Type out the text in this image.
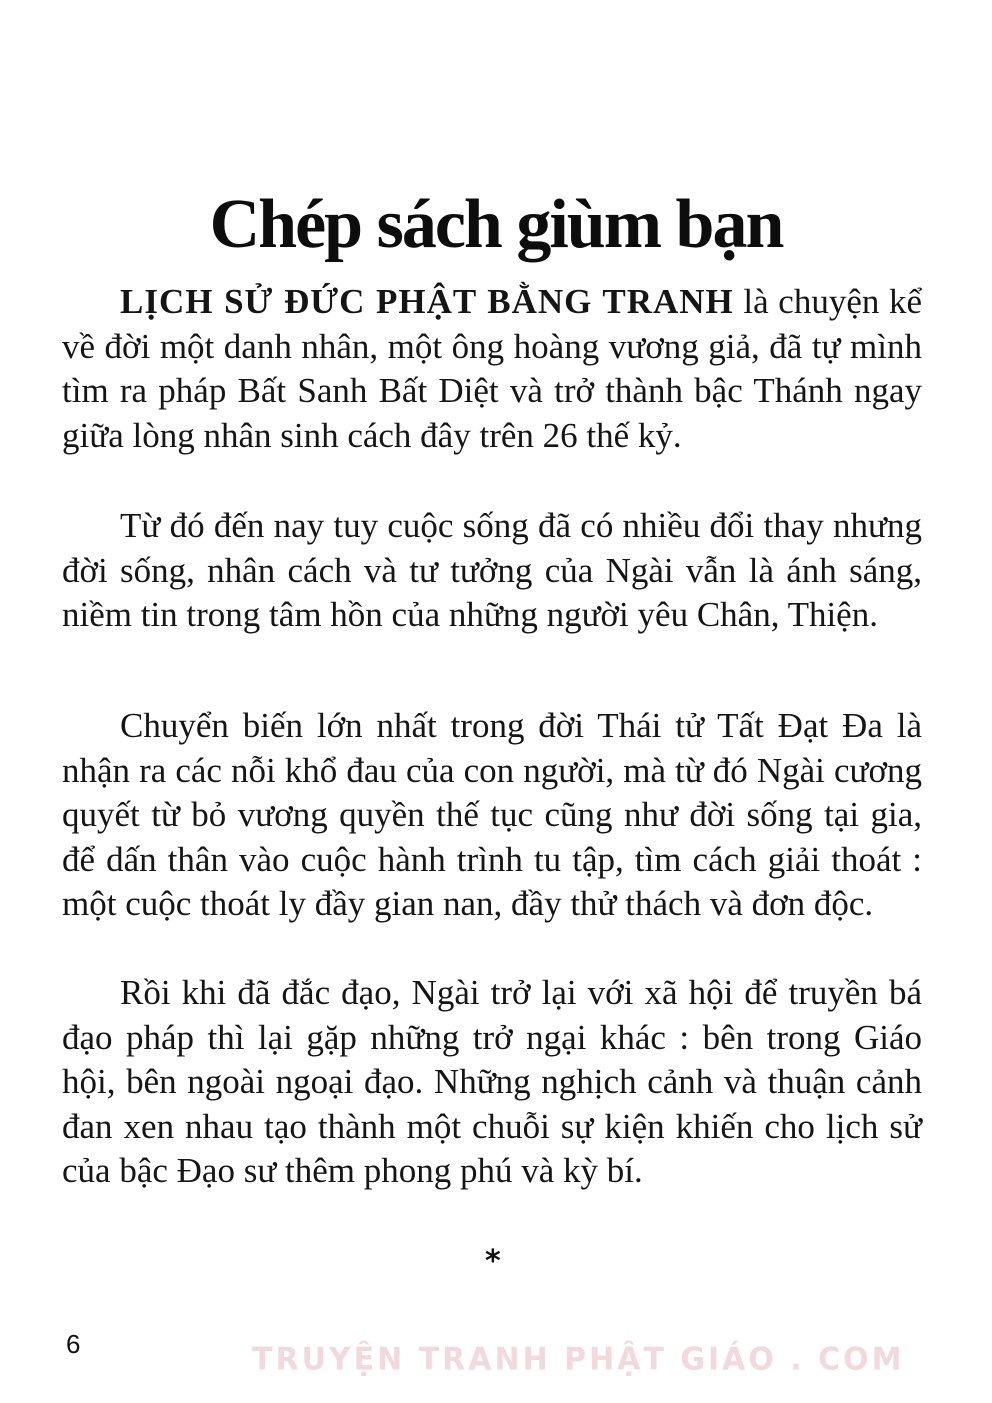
Chép sách giùm bạn

LỊCH SỬ ĐỨC PHẬT BẰNG TRANH là chuyện kể về đời một danh nhân, một ông hoàng vương giả, đã tự mình tìm ra pháp Bất Sanh Bất Diệt và trở thành bậc Thánh ngay giữa lòng nhân sinh cách đây trên 26 thế kỷ.

Từ đó đến nay tuy cuộc sống đã có nhiều đổi thay nhưng đời sống, nhân cách và tư tưởng của Ngài vẫn là ánh sáng, niềm tin trong tâm hồn của những người yêu Chân, Thiện.

Chuyển biến lớn nhất trong đời Thái tử Tất Đạt Đa là nhận ra các nỗi khổ đau của con người, mà từ đó Ngài cương quyết từ bỏ vương quyền thế tục cũng như đời sống tại gia, để dấn thân vào cuộc hành trình tu tập, tìm cách giải thoát : một cuộc thoát ly đầy gian nan, đầy thử thách và đơn độc.

Rồi khi đã đắc đạo, Ngài trở lại với xã hội để truyền bá đạo pháp thì lại gặp những trở ngại khác : bên trong Giáo hội, bên ngoài ngoại đạo. Những nghịch cảnh và thuận cảnh đan xen nhau tạo thành một chuỗi sự kiện khiến cho lịch sử của bậc Đạo sư thêm phong phú và kỳ bí.

*
6	TRUYỆN TRANH PHẬT GIÁO . COM
